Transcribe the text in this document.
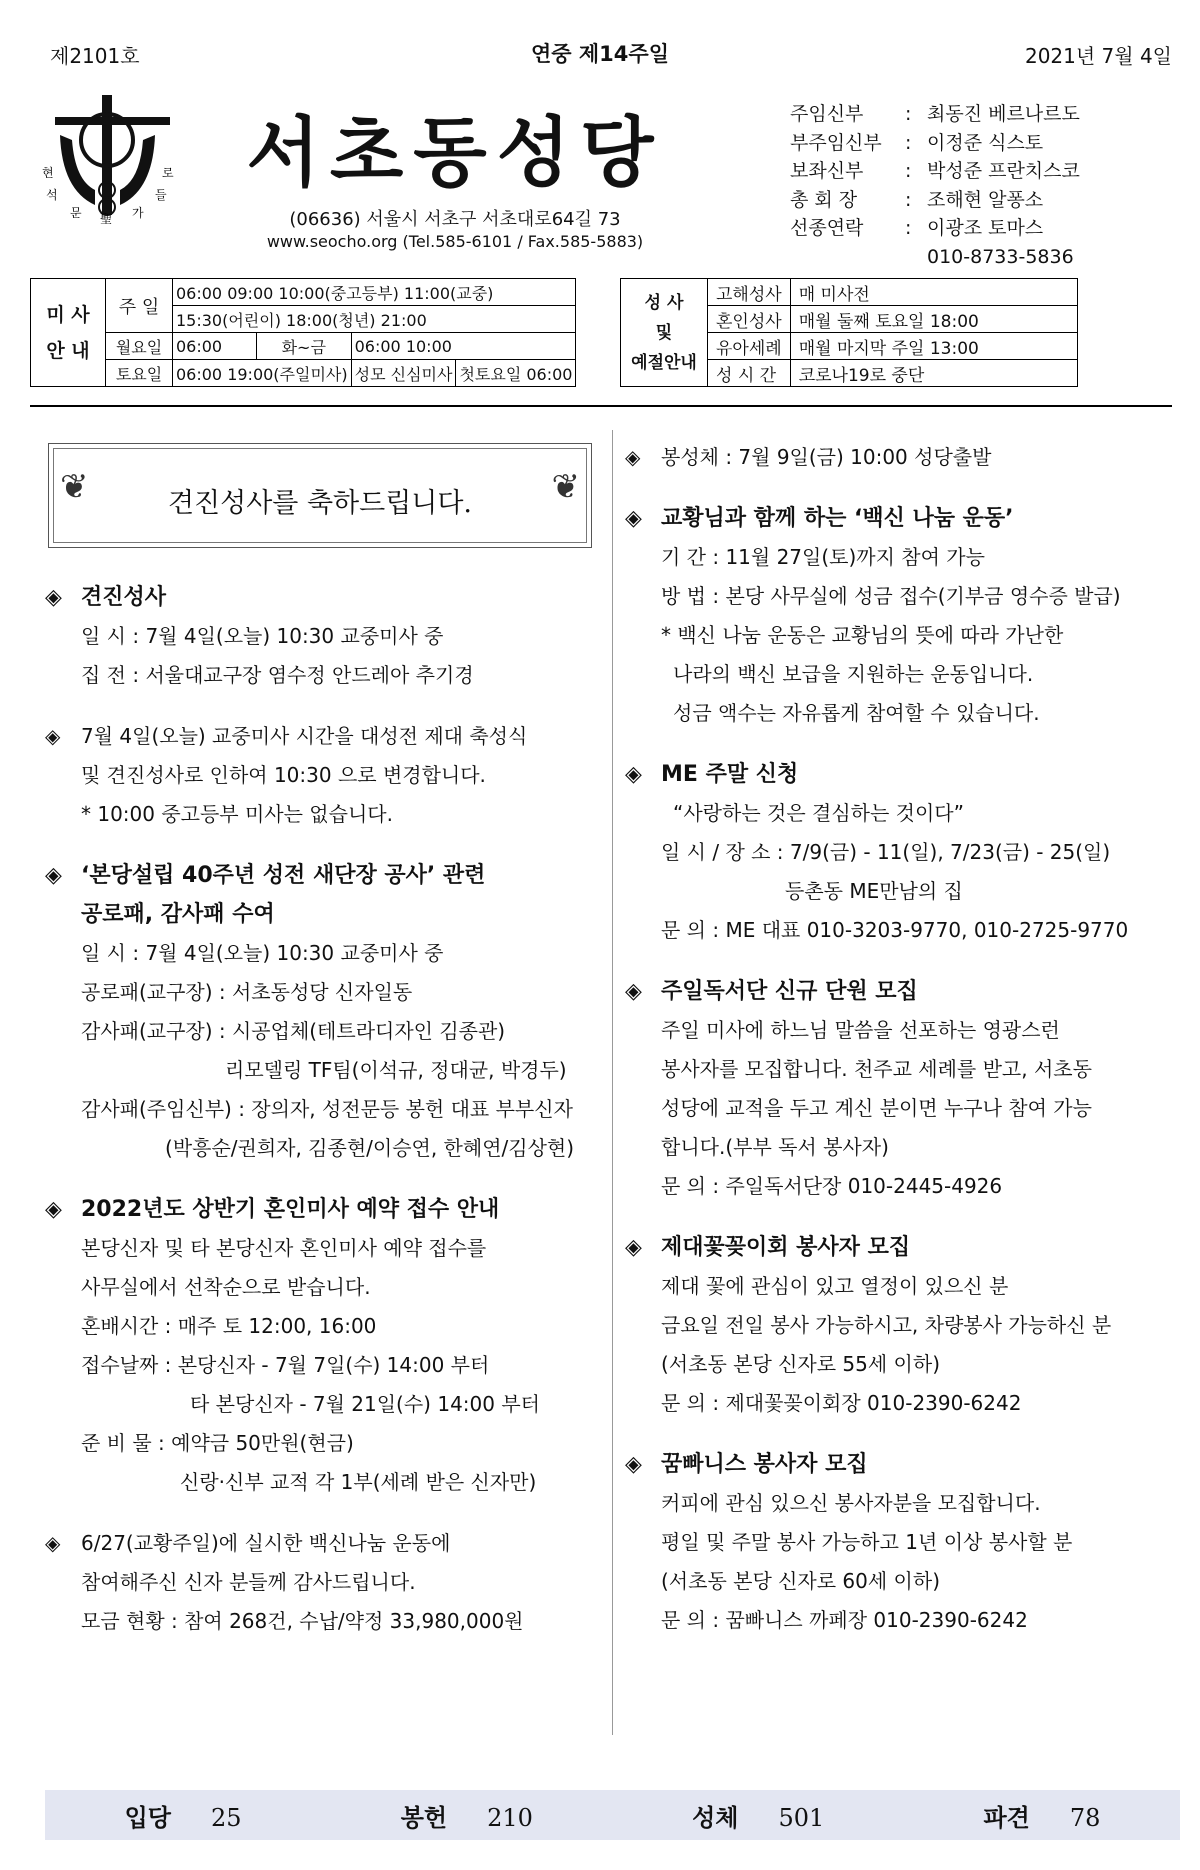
제2101호	연중 제14주일	2021년 7월 4일
현	로
석	들
문 聖 가
서초동성당
(06636) 서울시 서초구 서초대로64길 73
www.seocho.org (Tel.585-6101 / Fax.585-5883)
주임신부	: 최동진 베르나르도
부주임신부	: 이정준 식스토
보좌신부	: 박성준 프란치스코
총 회 장	: 조해현 알퐁소
선종연락	: 이광조 토마스
010-8733-5836
미 사 안 내	주 일	06:00 09:00 10:00(중고등부) 11:00(교중)			
		15:30(어린이) 18:00(청년) 21:00			
	월요일	06:00	화~금	06:00 10:00	
	토요일	06:00 19:00(주일미사)		성모 신심미사	첫토요일 06:00
성 사
및
예절안내	고해성사	매 미사전
	혼인성사	매월 둘째 토요일 18:00
	유아세례	매월 마지막 주일 13:00
	성 시 간	코로나19로 중단
❦	❦
견진성사를 축하드립니다.
◈ 견진성사
일 시 : 7월 4일(오늘) 10:30 교중미사 중
집 전 : 서울대교구장 염수정 안드레아 추기경
◈ 7월 4일(오늘) 교중미사 시간을 대성전 제대 축성식
및 견진성사로 인하여 10:30 으로 변경합니다.
* 10:00 중고등부 미사는 없습니다.
◈ ‘본당설립 40주년 성전 새단장 공사’ 관련
공로패, 감사패 수여
일 시 : 7월 4일(오늘) 10:30 교중미사 중
공로패(교구장) : 서초동성당 신자일동
감사패(교구장) : 시공업체(테트라디자인 김종관)
리모델링 TF팀(이석규, 정대균, 박경두)
감사패(주임신부) : 장의자, 성전문등 봉헌 대표 부부신자
(박흥순/권희자, 김종현/이승연, 한혜연/김상현)
◈ 2022년도 상반기 혼인미사 예약 접수 안내
본당신자 및 타 본당신자 혼인미사 예약 접수를
사무실에서 선착순으로 받습니다.
혼배시간 : 매주 토 12:00, 16:00
접수날짜 : 본당신자 - 7월 7일(수) 14:00 부터
타 본당신자 - 7월 21일(수) 14:00 부터
준 비 물 : 예약금 50만원(현금)
신랑·신부 교적 각 1부(세례 받은 신자만)
◈ 6/27(교황주일)에 실시한 백신나눔 운동에
참여해주신 신자 분들께 감사드립니다.
모금 현황 : 참여 268건, 수납/약정 33,980,000원
◈ 봉성체 : 7월 9일(금) 10:00 성당출발
◈ 교황님과 함께 하는 ‘백신 나눔 운동’
기 간 : 11월 27일(토)까지 참여 가능
방 법 : 본당 사무실에 성금 접수(기부금 영수증 발급)
* 백신 나눔 운동은 교황님의 뜻에 따라 가난한
나라의 백신 보급을 지원하는 운동입니다.
성금 액수는 자유롭게 참여할 수 있습니다.
◈ ME 주말 신청
“사랑하는 것은 결심하는 것이다”
일 시 / 장 소 : 7/9(금) - 11(일), 7/23(금) - 25(일)
등촌동 ME만남의 집
문 의 : ME 대표 010-3203-9770, 010-2725-9770
◈ 주일독서단 신규 단원 모집
주일 미사에 하느님 말씀을 선포하는 영광스런
봉사자를 모집합니다. 천주교 세례를 받고, 서초동
성당에 교적을 두고 계신 분이면 누구나 참여 가능
합니다.(부부 독서 봉사자)
문 의 : 주일독서단장 010-2445-4926
◈ 제대꽃꽂이회 봉사자 모집
제대 꽃에 관심이 있고 열정이 있으신 분
금요일 전일 봉사 가능하시고, 차량봉사 가능하신 분
(서초동 본당 신자로 55세 이하)
문 의 : 제대꽃꽂이회장 010-2390-6242
◈ 꿈빠니스 봉사자 모집
커피에 관심 있으신 봉사자분을 모집합니다.
평일 및 주말 봉사 가능하고 1년 이상 봉사할 분
(서초동 본당 신자로 60세 이하)
문 의 : 꿈빠니스 까페장 010-2390-6242
입당 25	봉헌 210	성체 501	파견 78
